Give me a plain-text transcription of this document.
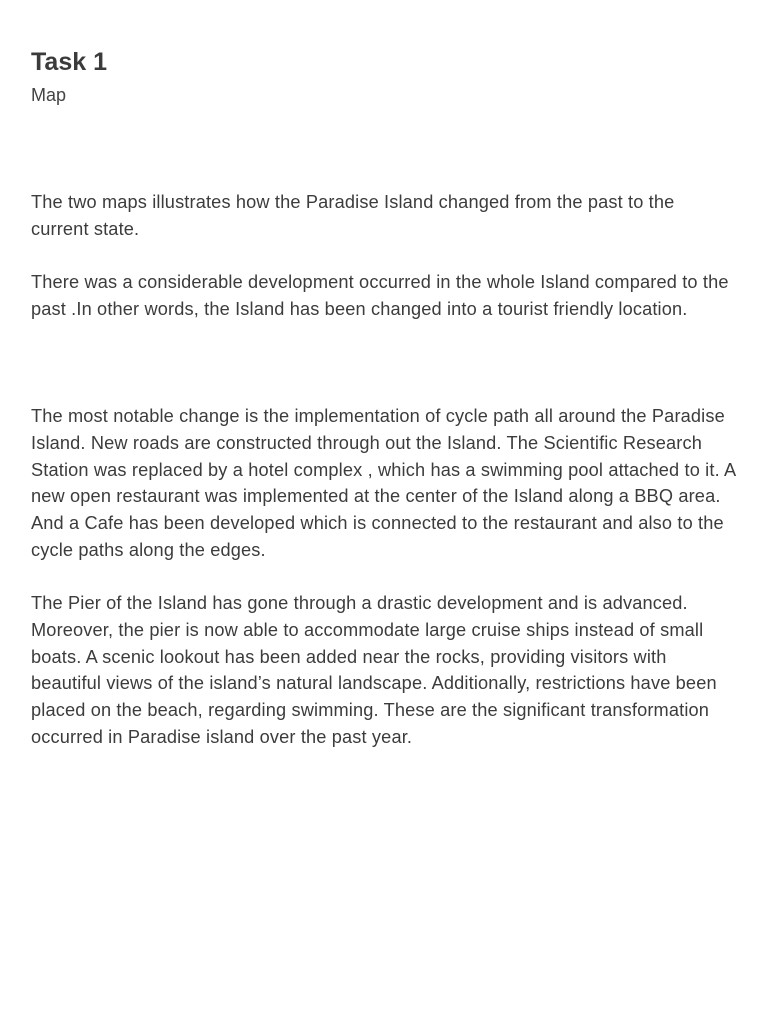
Task 1
Map

The two maps illustrates how the Paradise Island changed from the past to the current state.

There was a considerable development occurred in the whole Island compared to the past .In other words, the Island has been changed into a tourist friendly location.

The most notable change is the implementation of cycle path all around the Paradise Island. New roads are constructed through out the Island. The Scientific Research Station was replaced by a hotel complex , which has a swimming pool attached to it. A new open restaurant was implemented at the center of the Island along a BBQ area. And a Cafe has been developed which is connected to the restaurant and also to the cycle paths along the edges.

The Pier of the Island has gone through a drastic development and is advanced. Moreover, the pier is now able to accommodate large cruise ships instead of small boats. A scenic lookout has been added near the rocks, providing visitors with beautiful views of the island’s natural landscape. Additionally, restrictions have been placed on the beach, regarding swimming. These are the significant transformation occurred in Paradise island over the past year.
